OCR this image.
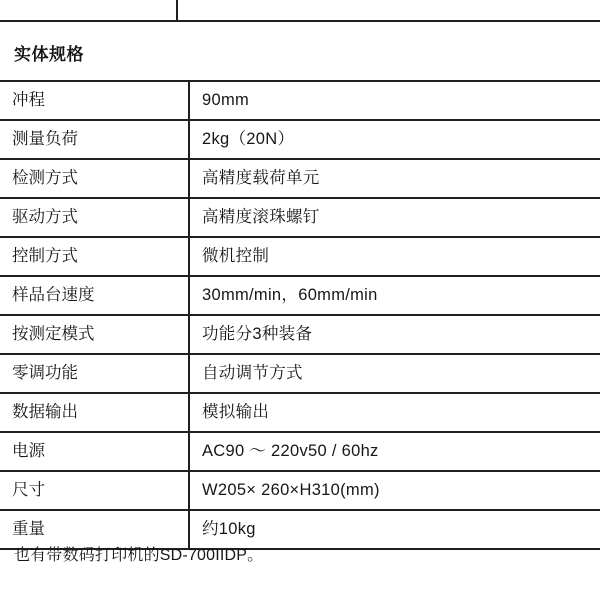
实体规格
冲程	90mm
测量负荷	2kg（20N）
检测方式	高精度载荷单元
驱动方式	高精度滚珠螺钉
控制方式	微机控制
样品台速度	30mm/min，60mm/min
按测定模式	功能分3种装备
零调功能	自动调节方式
数据输出	模拟输出
电源	AC90 ～ 220v50 / 60hz
尺寸	W205× 260×H310(mm)
重量	约10kg
也有带数码打印机的SD-700IIDP。
